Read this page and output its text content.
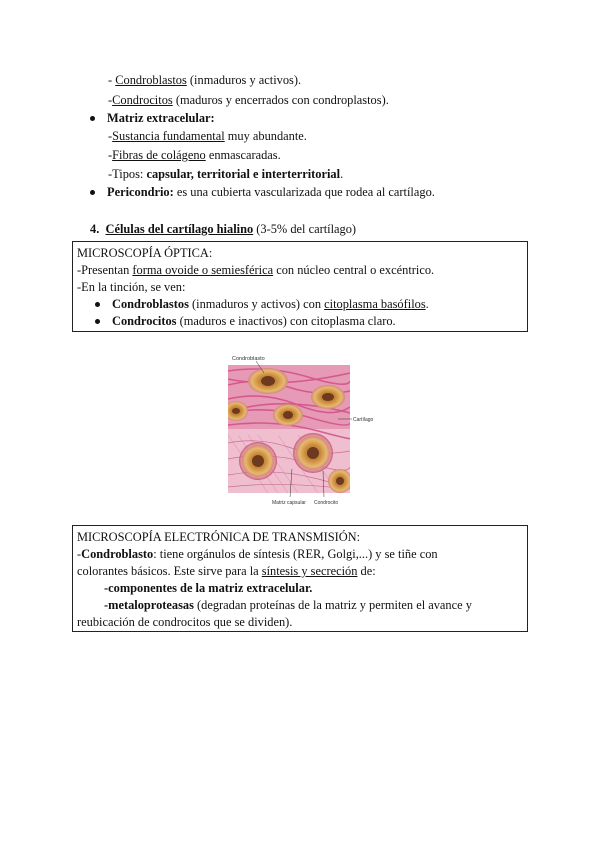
- Condroblastos (inmaduros y activos).
-Condrocitos (maduros y encerrados con condroplastos).
Matriz extracelular:
-Sustancia fundamental muy abundante.
-Fibras de colágeno enmascaradas.
-Tipos: capsular, territorial e interterritorial.
Pericondrio: es una cubierta vascularizada que rodea al cartílago.
4. Células del cartílago hialino (3-5% del cartílago)
MICROSCOPÍA ÓPTICA:
-Presentan forma ovoide o semiesférica con núcleo central o excéntrico.
-En la tinción, se ven:
Condroblastos (inmaduros y activos) con citoplasma basófilos.
Condrocitos (maduros e inactivos) con citoplasma claro.
Condroblasto
Cartílago
Matriz capsular Condrocito
MICROSCOPÍA ELECTRÓNICA DE TRANSMISIÓN:
-Condroblasto: tiene orgánulos de síntesis (RER, Golgi,...) y se tiñe con
colorantes básicos. Este sirve para la síntesis y secreción de:
-componentes de la matriz extracelular.
-metaloproteasas (degradan proteínas de la matriz y permiten el avance y
reubicación de condrocitos que se dividen).
